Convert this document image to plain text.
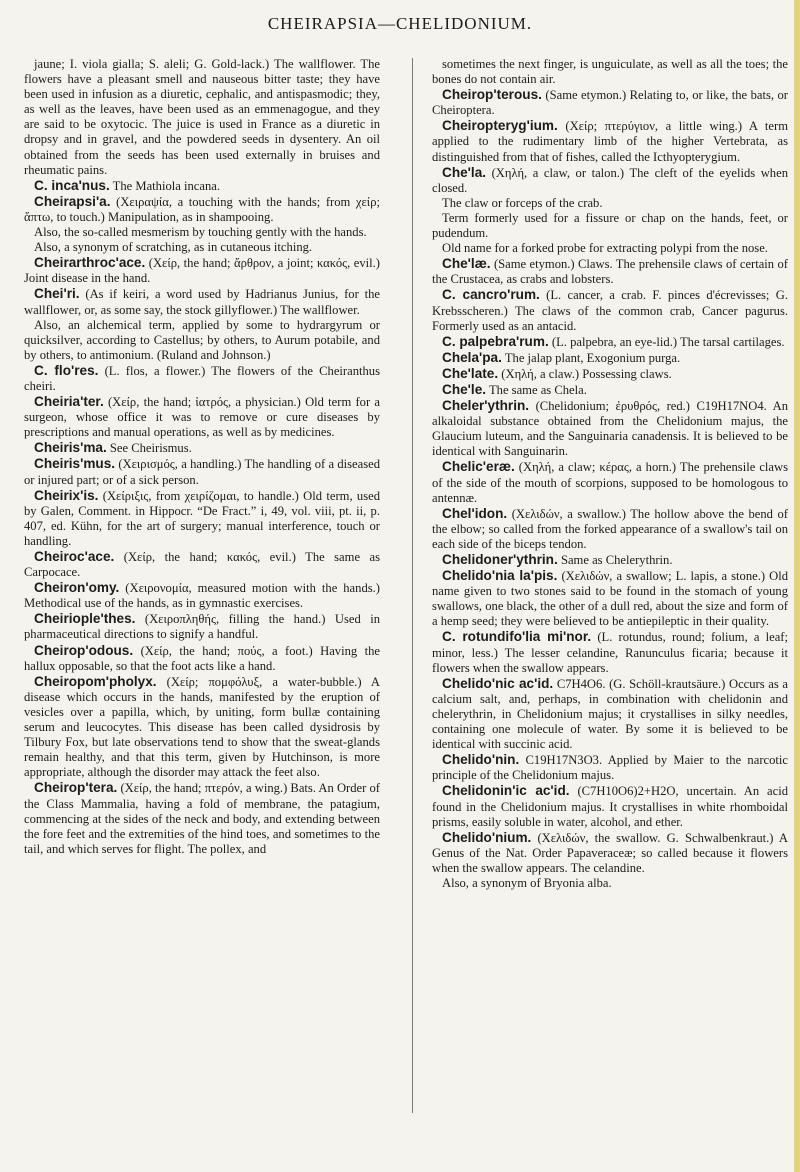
CHEIRAPSIA—CHELIDONIUM.

jaune; I. viola gialla; S. aleli; G. Gold-lack.) The wallflower. The flowers have a pleasant smell and nauseous bitter taste; they have been used in infusion as a diuretic, cephalic, and antispasmodic; they, as well as the leaves, have been used as an emmenagogue, and they are said to be oxytocic. The juice is used in France as a diuretic in dropsy and in gravel, and the powdered seeds in dysentery. An oil obtained from the seeds has been used externally in bruises and rheumatic pains.

C. inca'nus. The Mathiola incana.

Cheirapsi'a. (Χειραψία, a touching with the hands; from χείρ; ἅπτω, to touch.) Manipulation, as in shampooing.

Also, the so-called mesmerism by touching gently with the hands.

Also, a synonym of scratching, as in cutaneous itching.

Cheirarthroc'ace. (Χείρ, the hand; ἄρθρον, a joint; κακός, evil.) Joint disease in the hand.

Chei'ri. (As if keiri, a word used by Hadrianus Junius, for the wallflower, or, as some say, the stock gillyflower.) The wallflower.

Also, an alchemical term, applied by some to hydrargyrum or quicksilver, according to Castellus; by others, to Aurum potabile, and by others, to antimonium. (Ruland and Johnson.)

C. flo'res. (L. flos, a flower.) The flowers of the Cheiranthus cheiri.

Cheiria'ter. (Χείρ, the hand; ἰατρός, a physician.) Old term for a surgeon, whose office it was to remove or cure diseases by prescriptions and manual operations, as well as by medicines.

Cheiris'ma. See Cheirismus.

Cheiris'mus. (Χειρισμός, a handling.) The handling of a diseased or injured part; or of a sick person.

Cheirix'is. (Χείριξις, from χειρίζομαι, to handle.) Old term, used by Galen, Comment. in Hippocr. “De Fract.” i, 49, vol. viii, pt. ii, p. 407, ed. Kühn, for the art of surgery; manual interference, touch or handling.

Cheiroc'ace. (Χείρ, the hand; κακός, evil.) The same as Carpocace.

Cheiron'omy. (Χειρονομία, measured motion with the hands.) Methodical use of the hands, as in gymnastic exercises.

Cheiriople'thes. (Χειροπληθής, filling the hand.) Used in pharmaceutical directions to signify a handful.

Cheirop'odous. (Χείρ, the hand; πούς, a foot.) Having the hallux opposable, so that the foot acts like a hand.

Cheiropom'pholyx. (Χείρ; πομφόλυξ, a water-bubble.) A disease which occurs in the hands, manifested by the eruption of vesicles over a papilla, which, by uniting, form bullæ containing serum and leucocytes. This disease has been called dysidrosis by Tilbury Fox, but late observations tend to show that the sweat-glands remain healthy, and that this term, given by Hutchinson, is more appropriate, although the disorder may attack the feet also.

Cheirop'tera. (Χείρ, the hand; πτερόν, a wing.) Bats. An Order of the Class Mammalia, having a fold of membrane, the patagium, commencing at the sides of the neck and body, and extending between the fore feet and the extremities of the hind toes, and sometimes to the tail, and which serves for flight. The pollex, and

sometimes the next finger, is unguiculate, as well as all the toes; the bones do not contain air.

Cheirop'terous. (Same etymon.) Relating to, or like, the bats, or Cheiroptera.

Cheiropteryg'ium. (Χείρ; πτερύγιον, a little wing.) A term applied to the rudimentary limb of the higher Vertebrata, as distinguished from that of fishes, called the Icthyopterygium.

Che'la. (Χηλή, a claw, or talon.) The cleft of the eyelids when closed.

The claw or forceps of the crab.

Term formerly used for a fissure or chap on the hands, feet, or pudendum.

Old name for a forked probe for extracting polypi from the nose.

Che'læ. (Same etymon.) Claws. The prehensile claws of certain of the Crustacea, as crabs and lobsters.

C. cancro'rum. (L. cancer, a crab. F. pinces d'écrevisses; G. Krebsscheren.) The claws of the common crab, Cancer pagurus. Formerly used as an antacid.

C. palpebra'rum. (L. palpebra, an eye-lid.) The tarsal cartilages.

Chela'pa. The jalap plant, Exogonium purga.

Che'late. (Χηλή, a claw.) Possessing claws.

Che'le. The same as Chela.

Cheler'ythrin. (Chelidonium; ἐρυθρός, red.) C19H17NO4. An alkaloidal substance obtained from the Chelidonium majus, the Glaucium luteum, and the Sanguinaria canadensis. It is believed to be identical with Sanguinarin.

Chelic'eræ. (Χηλή, a claw; κέρας, a horn.) The prehensile claws of the side of the mouth of scorpions, supposed to be homologous to antennæ.

Chel'idon. (Χελιδών, a swallow.) The hollow above the bend of the elbow; so called from the forked appearance of a swallow's tail on each side of the biceps tendon.

Chelidoner'ythrin. Same as Chelerythrin.

Chelido'nia la'pis. (Χελιδών, a swallow; L. lapis, a stone.) Old name given to two stones said to be found in the stomach of young swallows, one black, the other of a dull red, about the size and form of a hemp seed; they were believed to be antiepileptic in their quality.

C. rotundifo'lia mi'nor. (L. rotundus, round; folium, a leaf; minor, less.) The lesser celandine, Ranunculus ficaria; because it flowers when the swallow appears.

Chelido'nic ac'id. C7H4O6. (G. Schöll-krautsäure.) Occurs as a calcium salt, and, perhaps, in combination with chelidonin and chelerythrin, in Chelidonium majus; it crystallises in silky needles, containing one molecule of water. By some it is believed to be identical with succinic acid.

Chelido'nin. C19H17N3O3. Applied by Maier to the narcotic principle of the Chelidonium majus.

Chelidonin'ic ac'id. (C7H10O6)2+H2O, uncertain. An acid found in the Chelidonium majus. It crystallises in white rhomboidal prisms, easily soluble in water, alcohol, and ether.

Chelido'nium. (Χελιδών, the swallow. G. Schwalbenkraut.) A Genus of the Nat. Order Papaveraceæ; so called because it flowers when the swallow appears. The celandine.

Also, a synonym of Bryonia alba.
